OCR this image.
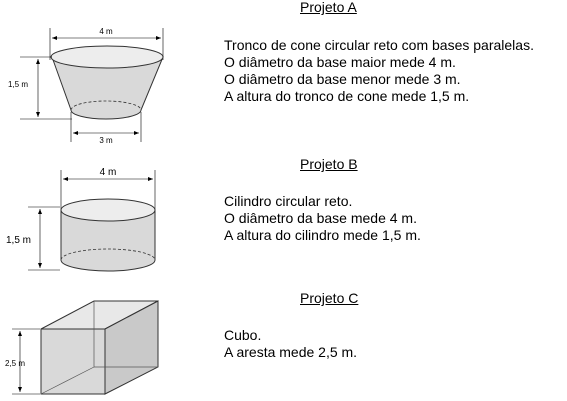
4 m
1,5 m
3 m
Projeto A
Tronco de cone circular reto com bases paralelas.
O diâmetro da base maior mede 4 m.
O diâmetro da base menor mede 3 m.
A altura do tronco de cone mede 1,5 m.
4 m
1,5 m
Projeto B
Cilindro circular reto.
O diâmetro da base mede 4 m.
A altura do cilindro mede 1,5 m.
2,5 m
Projeto C
Cubo.
A aresta mede 2,5 m.
